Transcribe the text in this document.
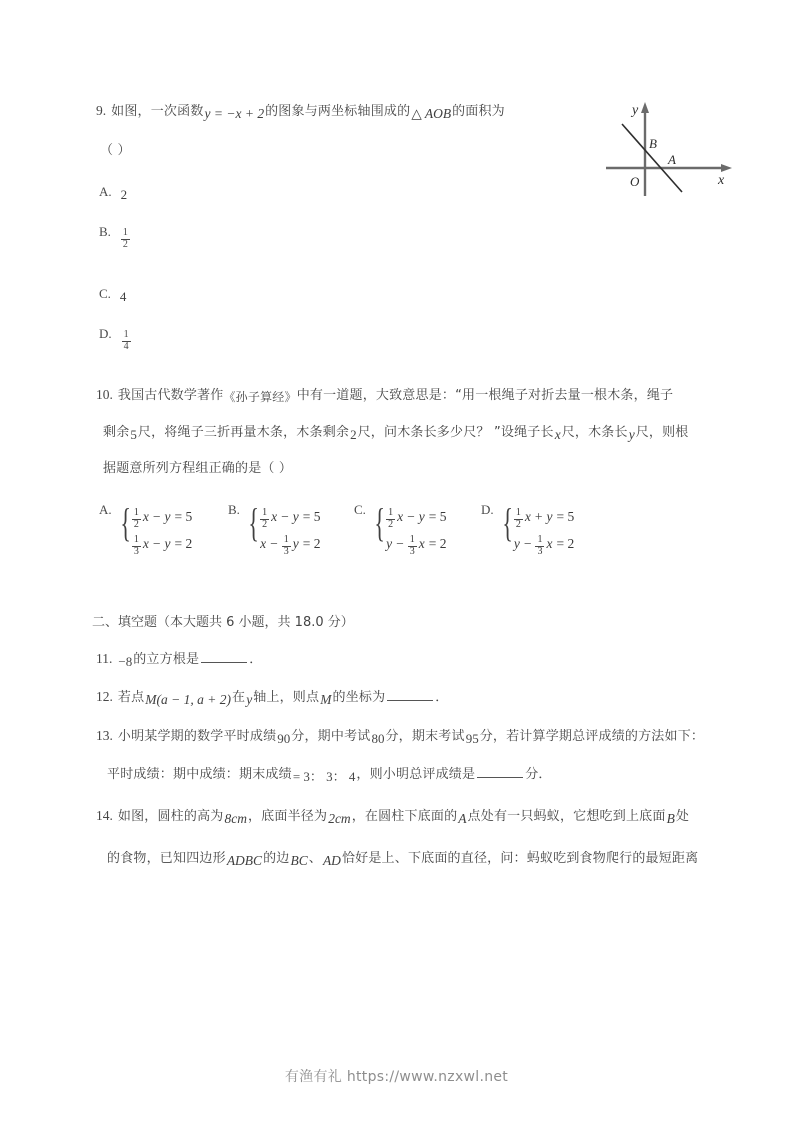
9. 如图，一次函数 y = −x + 2 的图象与两坐标轴围成的 △ AOB 的面积为
（ ）
A. 2
B. $\frac{1}{2}$
C. 4
D. $\frac{1}{4}$
y
x
O
B
A
10. 我国古代数学著作 《孙子算经》 中有一道题，大致意思是：“用一根绳子对折去量一根木条，绳子
剩余 5 尺，将绳子三折再量木条，木条剩余 2 尺，问木条长多少尺？ ”设绳子长 x 尺，木条长 y 尺，则根
据题意所列方程组正确的是（ ）
A. { $\frac{1}{2}$ x − y = 5
$\frac{1}{3}$ x − y = 2
B. { $\frac{1}{2}$ x − y = 5
$x - \frac{1}{3}$ y = 2
C. { $\frac{1}{2}$ x − y = 5
$y - \frac{1}{3}$ x = 2
D. { $\frac{1}{2}$ x + y = 5
$y - \frac{1}{3}$ x = 2
二、填空题（本大题共 6 小题，共 18.0 分）
11. −8 的立方根是	．
12. 若点 M(a − 1, a + 2) 在 y 轴上，则点 M 的坐标为	．
13. 小明某学期的数学平时成绩 90 分，期中考试 80 分，期末考试 95 分，若计算学期总评成绩的方法如下：
平时成绩：期中成绩：期末成绩 = 3： 3： 4 ，则小明总评成绩是	分．
14. 如图，圆柱的高为 8cm ，底面半径为 2cm ，在圆柱下底面的 A 点处有一只蚂蚁，它想吃到上底面 B 处
的食物，已知四边形 ADBC 的边 BC 、 AD 恰好是上、下底面的直径，问：蚂蚁吃到食物爬行的最短距离
有渔有礼 https://www.nzxwl.net
